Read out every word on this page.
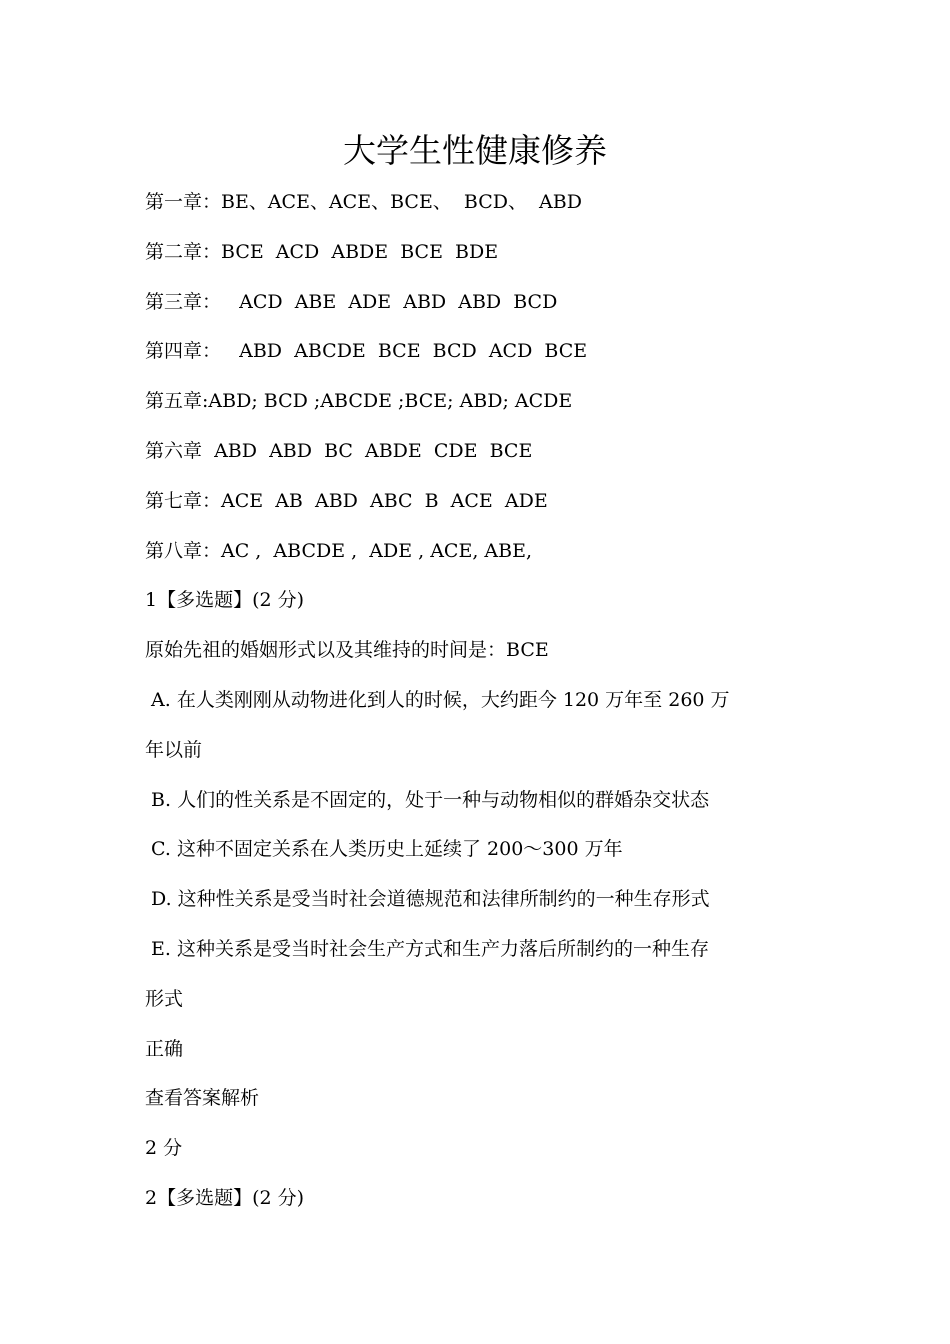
大学生性健康修养

第一章：BE、ACE、ACE、BCE、  BCD、  ABD

第二章：BCE  ACD  ABDE  BCE  BDE

第三章：   ACD  ABE  ADE  ABD  ABD  BCD

第四章：   ABD  ABCDE  BCE  BCD  ACD  BCE

第五章:ABD; BCD ;ABCDE ;BCE; ABD; ACDE

第六章  ABD  ABD  BC  ABDE  CDE  BCE

第七章：ACE  AB  ABD  ABC  B  ACE  ADE

第八章：AC ,  ABCDE ,  ADE , ACE, ABE,

1【多选题】(2 分)

原始先祖的婚姻形式以及其维持的时间是：BCE

A. 在人类刚刚从动物进化到人的时候，大约距今 120 万年至 260 万

年以前

B. 人们的性关系是不固定的，处于一种与动物相似的群婚杂交状态

C. 这种不固定关系在人类历史上延续了 200～300 万年

D. 这种性关系是受当时社会道德规范和法律所制约的一种生存形式

E. 这种关系是受当时社会生产方式和生产力落后所制约的一种生存

形式

正确

查看答案解析

2 分

2【多选题】(2 分)
